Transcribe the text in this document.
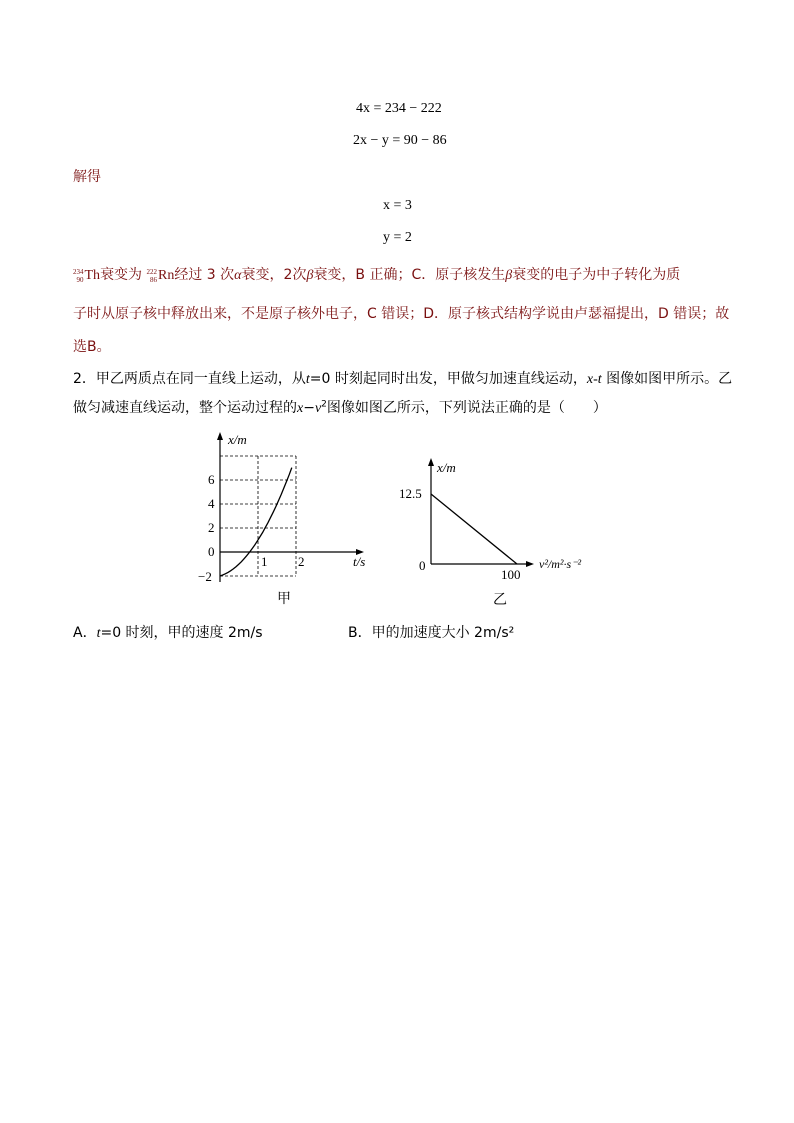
4x = 234 − 222
2x − y = 90 − 86
解得
x = 3
y = 2
234
90 Th衰变为 222
86 Rn经过 3 次α衰变，2次β衰变，B 正确；C．原子核发生β衰变的电子为中子转化为质
子时从原子核中释放出来，不是原子核外电子，C 错误；D．原子核式结构学说由卢瑟福提出，D 错误；故
选B。
2．甲乙两质点在同一直线上运动，从t=0 时刻起同时出发，甲做匀加速直线运动，x-t 图像如图甲所示。乙
做匀减速直线运动，整个运动过程的$x-v^2$图像如图乙所示，下列说法正确的是（　　）
x/m
t/s
6
4
2
0
−2
1 2
甲
x/m
12.5
0
100
v²/m²·s⁻²
乙
A．t=0 时刻，甲的速度 2m/s	B．甲的加速度大小 2m/s²
